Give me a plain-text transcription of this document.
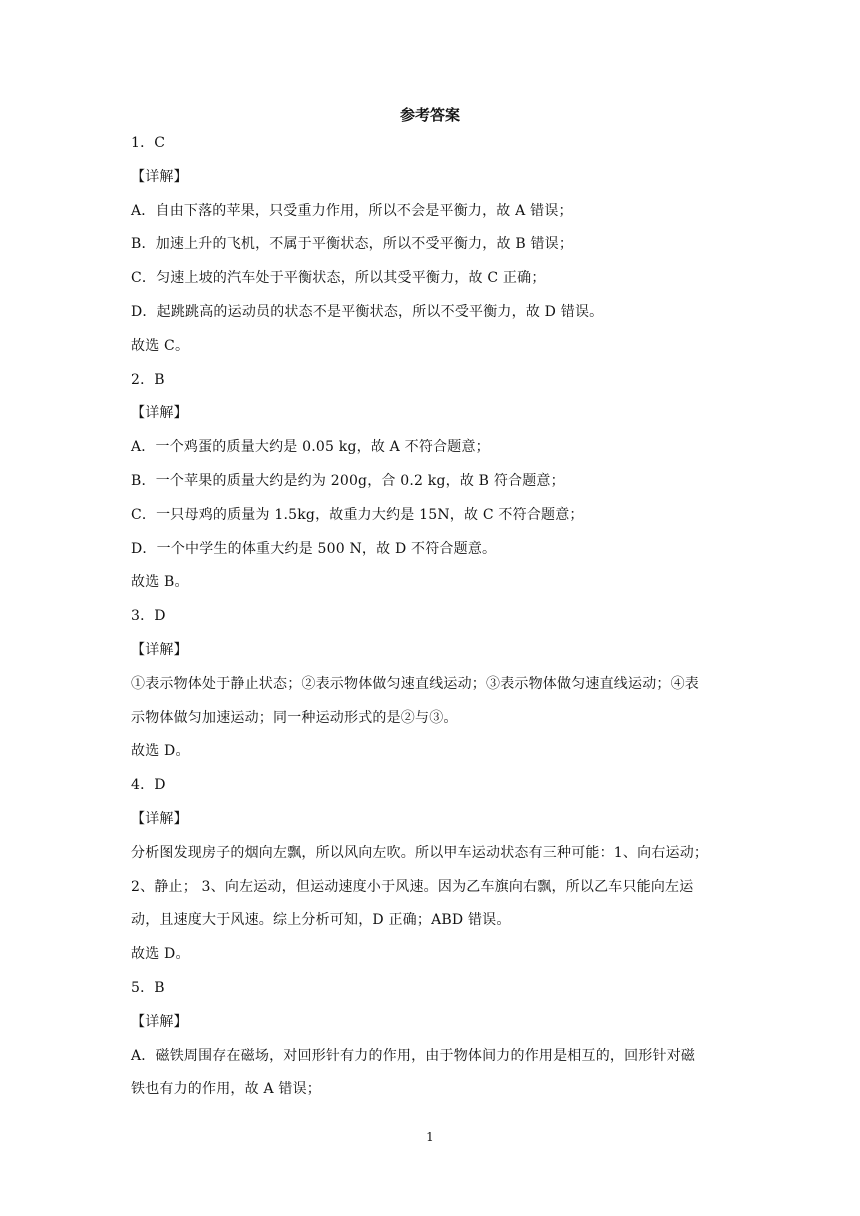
参考答案
1．C
【详解】
A．自由下落的苹果，只受重力作用，所以不会是平衡力，故 A 错误；
B．加速上升的飞机，不属于平衡状态，所以不受平衡力，故 B 错误；
C．匀速上坡的汽车处于平衡状态，所以其受平衡力，故 C 正确；
D．起跳跳高的运动员的状态不是平衡状态，所以不受平衡力，故 D 错误。
故选 C。
2．B
【详解】
A．一个鸡蛋的质量大约是 0.05 kg，故 A 不符合题意；
B．一个苹果的质量大约是约为 200g，合 0.2 kg，故 B 符合题意；
C．一只母鸡的质量为 1.5kg，故重力大约是 15N，故 C 不符合题意；
D．一个中学生的体重大约是 500 N，故 D 不符合题意。
故选 B。
3．D
【详解】
①表示物体处于静止状态；②表示物体做匀速直线运动；③表示物体做匀速直线运动；④表
示物体做匀加速运动；同一种运动形式的是②与③。
故选 D。
4．D
【详解】
分析图发现房子的烟向左飘，所以风向左吹。所以甲车运动状态有三种可能：1、向右运动；
2、静止； 3、向左运动，但运动速度小于风速。因为乙车旗向右飘，所以乙车只能向左运
动，且速度大于风速。综上分析可知，D 正确；ABD 错误。
故选 D。
5．B
【详解】
A．磁铁周围存在磁场，对回形针有力的作用，由于物体间力的作用是相互的，回形针对磁
铁也有力的作用，故 A 错误；
1
